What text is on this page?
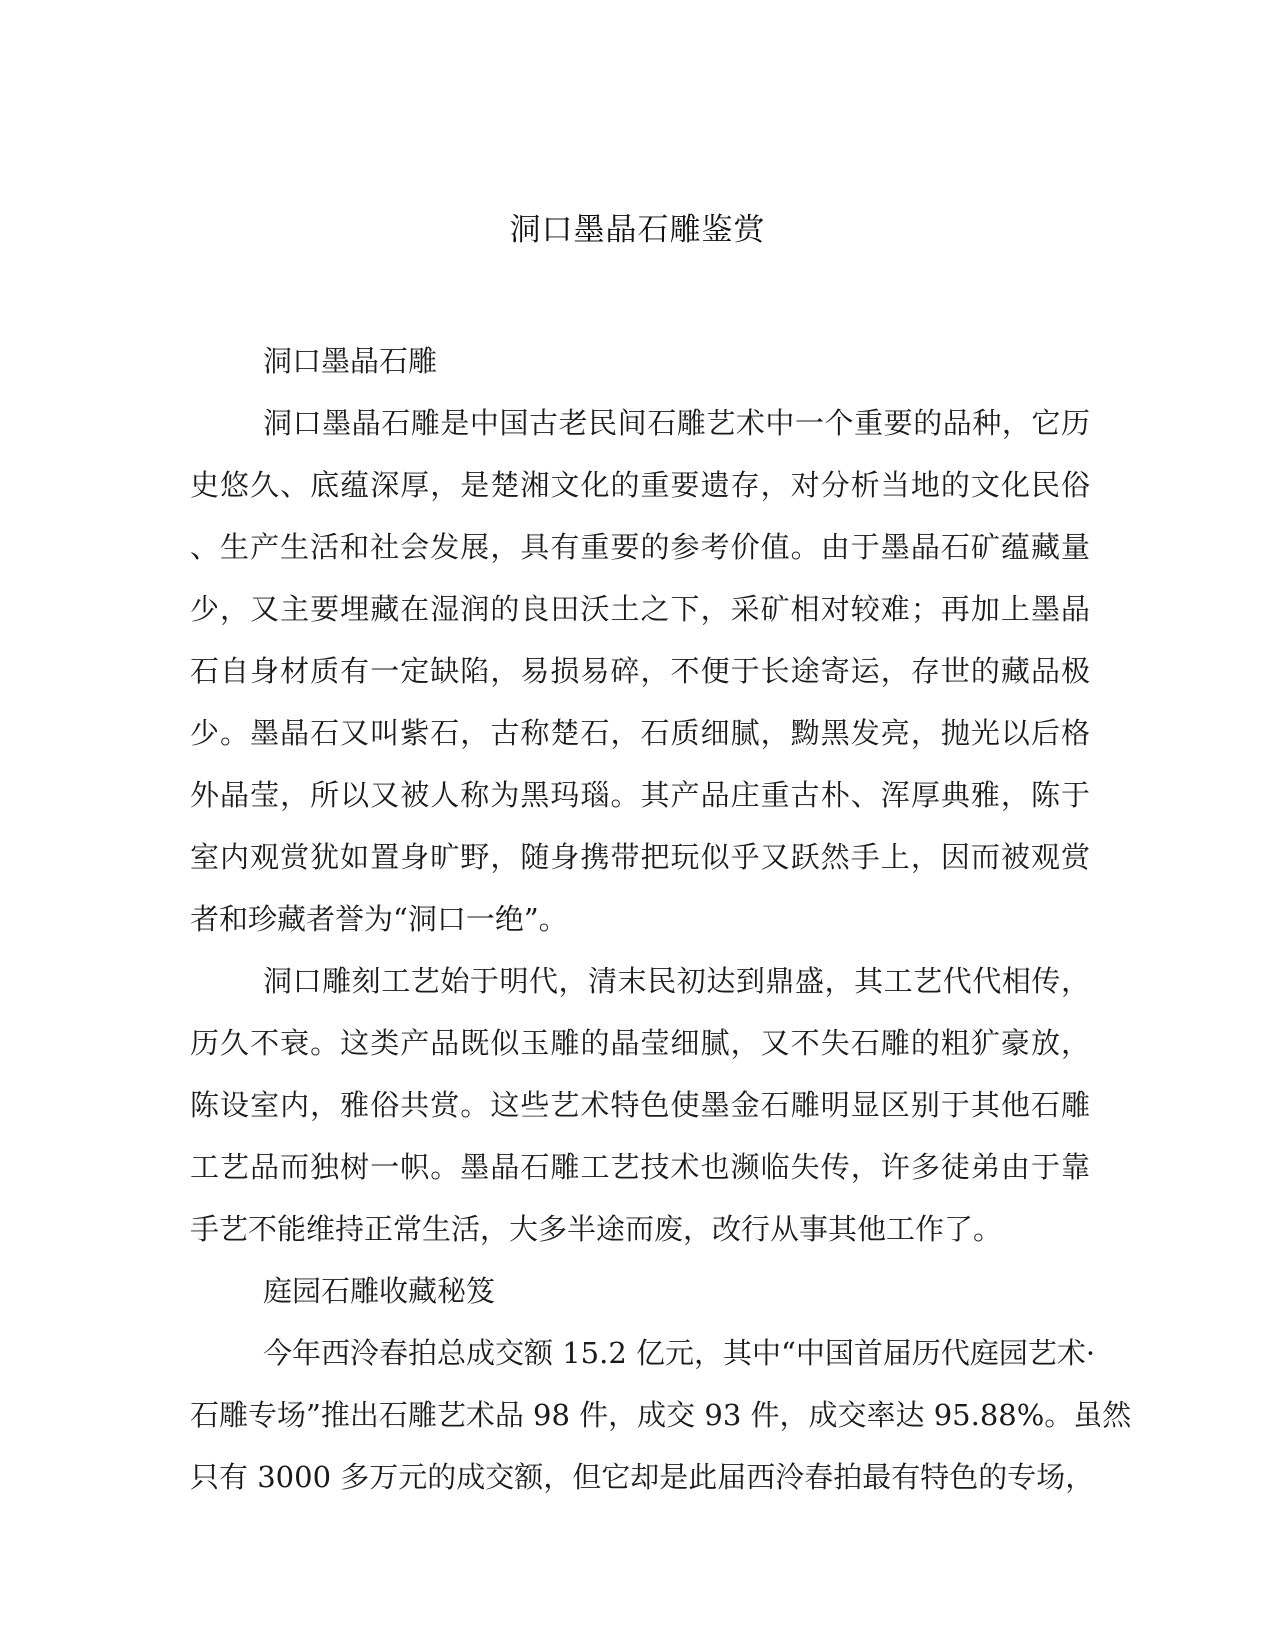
洞口墨晶石雕鉴赏
洞口墨晶石雕
洞口墨晶石雕是中国古老民间石雕艺术中一个重要的品种，它历
史悠久、底蕴深厚，是楚湘文化的重要遗存，对分析当地的文化民俗
、生产生活和社会发展，具有重要的参考价值。由于墨晶石矿蕴藏量
少，又主要埋藏在湿润的良田沃土之下，采矿相对较难；再加上墨晶
石自身材质有一定缺陷，易损易碎，不便于长途寄运，存世的藏品极
少。墨晶石又叫紫石，古称楚石，石质细腻，黝黑发亮，抛光以后格
外晶莹，所以又被人称为黑玛瑙。其产品庄重古朴、浑厚典雅，陈于
室内观赏犹如置身旷野，随身携带把玩似乎又跃然手上，因而被观赏
者和珍藏者誉为“洞口一绝”。
洞口雕刻工艺始于明代，清末民初达到鼎盛，其工艺代代相传，
历久不衰。这类产品既似玉雕的晶莹细腻，又不失石雕的粗犷豪放，
陈设室内，雅俗共赏。这些艺术特色使墨金石雕明显区别于其他石雕
工艺品而独树一帜。墨晶石雕工艺技术也濒临失传，许多徒弟由于靠
手艺不能维持正常生活，大多半途而废，改行从事其他工作了。
庭园石雕收藏秘笈
今年西泠春拍总成交额 15.2 亿元，其中“中国首届历代庭园艺术·
石雕专场”推出石雕艺术品 98 件，成交 93 件，成交率达 95.88%。虽然
只有 3000 多万元的成交额，但它却是此届西泠春拍最有特色的专场，
